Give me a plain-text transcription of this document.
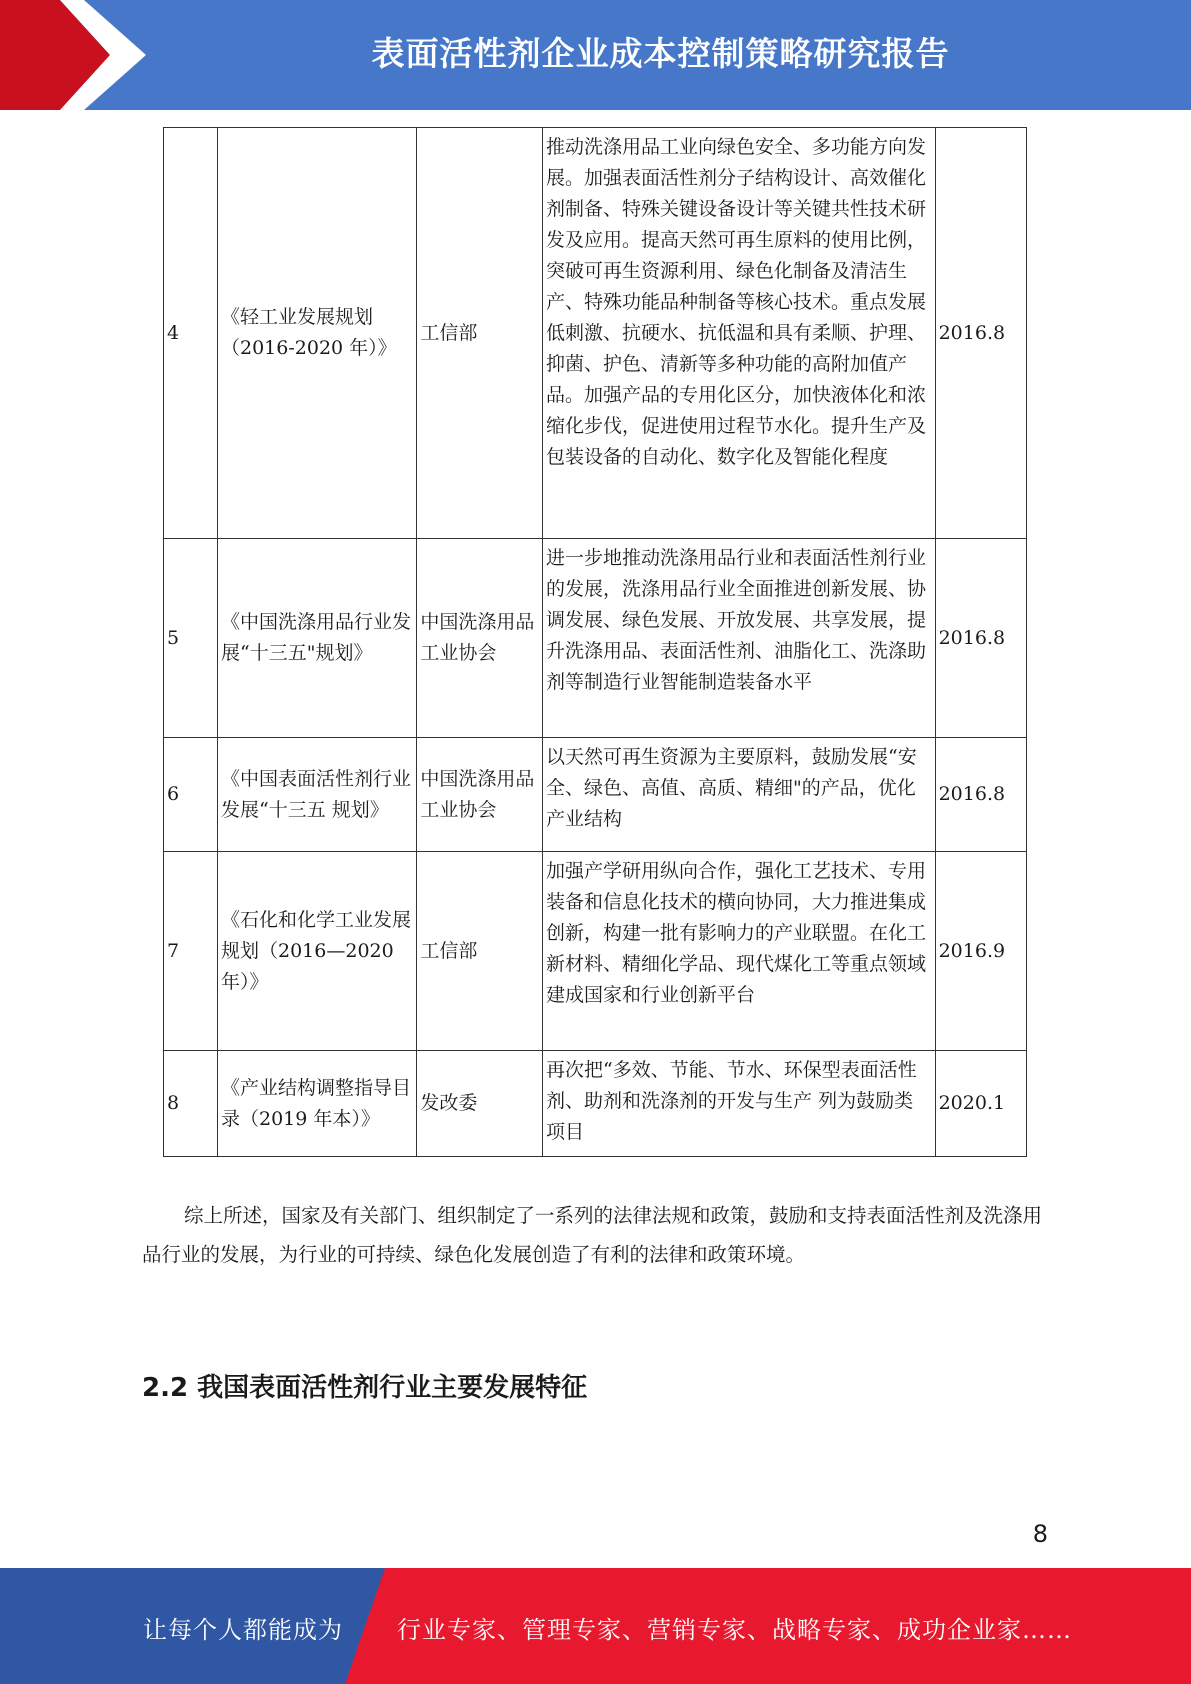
表面活性剂企业成本控制策略研究报告
4	《轻工业发展规划（2016-2020 年）》	工信部	推动洗涤用品工业向绿色安全、多功能方向发展。加强表面活性剂分子结构设计、高效催化剂制备、特殊关键设备设计等关键共性技术研发及应用。提高天然可再生原料的使用比例，突破可再生资源利用、绿色化制备及清洁生产、特殊功能品种制备等核心技术。重点发展低刺激、抗硬水、抗低温和具有柔顺、护理、抑菌、护色、清新等多种功能的高附加值产品。加强产品的专用化区分，加快液体化和浓缩化步伐，促进使用过程节水化。提升生产及包装设备的自动化、数字化及智能化程度	2016.8
5	《中国洗涤用品行业发展“十三五"规划》	中国洗涤用品工业协会	进一步地推动洗涤用品行业和表面活性剂行业的发展，洗涤用品行业全面推进创新发展、协调发展、绿色发展、开放发展、共享发展，提升洗涤用品、表面活性剂、油脂化工、洗涤助剂等制造行业智能制造装备水平	2016.8
6	《中国表面活性剂行业发展“十三五 规划》	中国洗涤用品工业协会	以天然可再生资源为主要原料，鼓励发展“安全、绿色、高值、高质、精细"的产品，优化产业结构	2016.8
7	《石化和化学工业发展规划（2016—2020 年）》	工信部	加强产学研用纵向合作，强化工艺技术、专用装备和信息化技术的横向协同，大力推进集成创新，构建一批有影响力的产业联盟。在化工新材料、精细化学品、现代煤化工等重点领域建成国家和行业创新平台	2016.9
8	《产业结构调整指导目录（2019 年本）》	发改委	再次把“多效、节能、节水、环保型表面活性剂、助剂和洗涤剂的开发与生产 列为鼓励类项目	2020.1

综上所述，国家及有关部门、组织制定了一系列的法律法规和政策，鼓励和支持表面活性剂及洗涤用品行业的发展，为行业的可持续、绿色化发展创造了有利的法律和政策环境。

2.2 我国表面活性剂行业主要发展特征
8
让每个人都能成为 行业专家、管理专家、营销专家、战略专家、成功企业家……
